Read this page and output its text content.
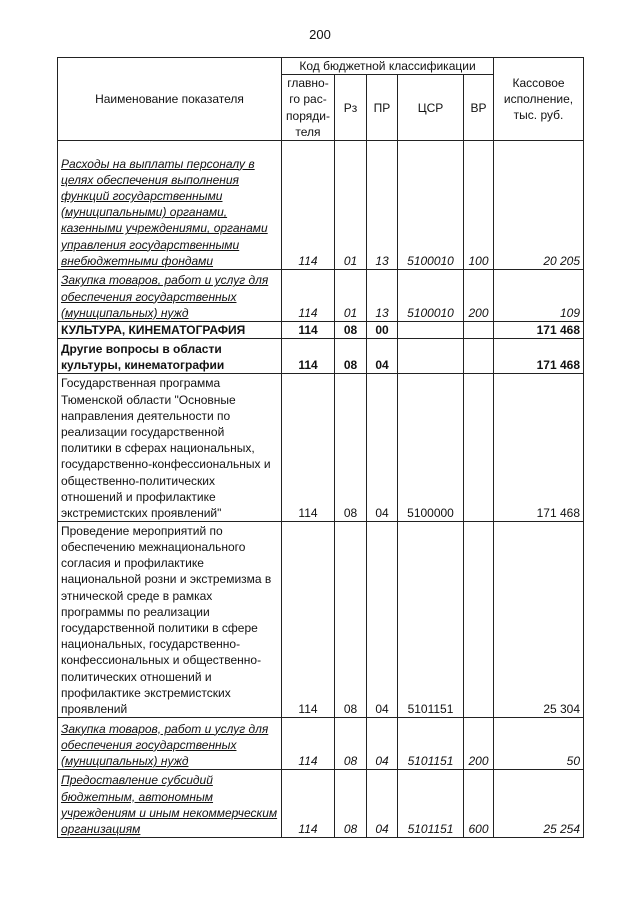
200
Наименование показателя	Код бюджетной классификации					Кассовое исполнение, тыс. руб.
	главно-го рас-поряди-теля	Рз	ПР	ЦСР	ВР	
Расходы на выплаты персоналу в целях обеспечения выполнения функций государственными (муниципальными) органами, казенными учреждениями, органами управления государственными внебюджетными фондами	114	01	13	5100010	100	20 205
Закупка товаров, работ и услуг для обеспечения государственных (муниципальных) нужд	114	01	13	5100010	200	109
КУЛЬТУРА, КИНЕМАТОГРАФИЯ	114	08	00			171 468
Другие вопросы в области культуры, кинематографии	114	08	04			171 468
Государственная программа Тюменской области "Основные направления деятельности по реализации государственной политики в сферах национальных, государственно-конфессиональных и общественно-политических отношений и профилактике экстремистских проявлений"	114	08	04	5100000		171 468
Проведение мероприятий по обеспечению межнационального согласия и профилактике национальной розни и экстремизма в этнической среде в рамках программы по реализации государственной политики в сфере национальных, государственно-конфессиональных и общественно-политических отношений и профилактике экстремистских проявлений	114	08	04	5101151		25 304
Закупка товаров, работ и услуг для обеспечения государственных (муниципальных) нужд	114	08	04	5101151	200	50
Предоставление субсидий бюджетным, автономным учреждениям и иным некоммерческим организациям	114	08	04	5101151	600	25 254
